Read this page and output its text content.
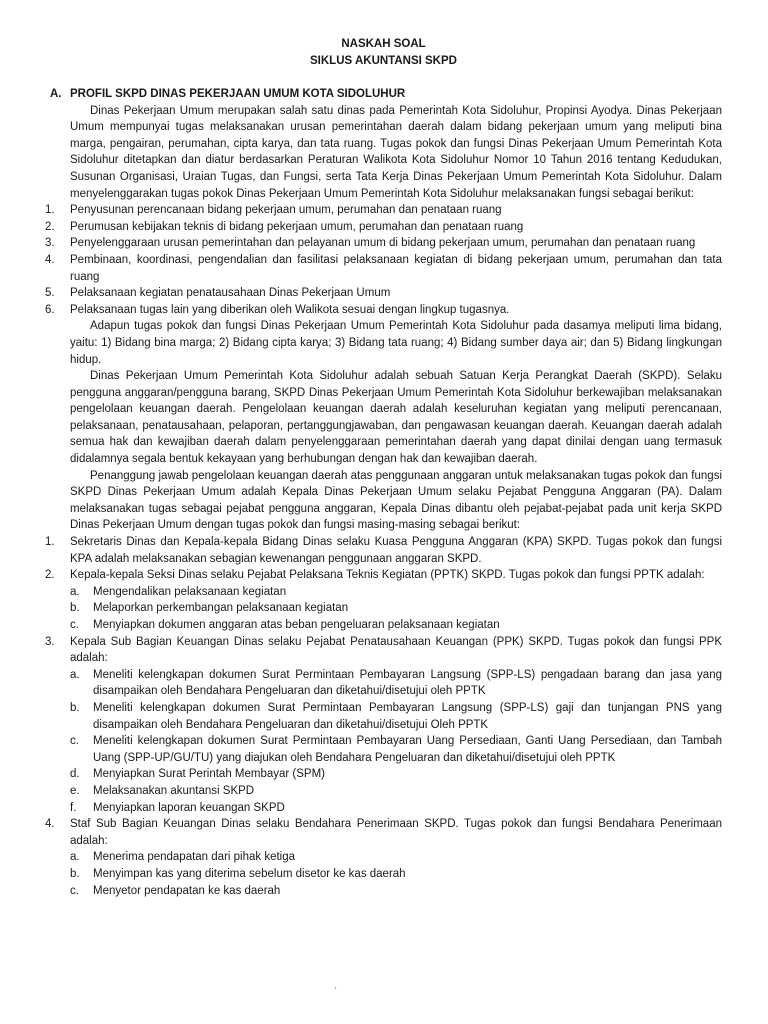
NASKAH SOAL
SIKLUS AKUNTANSI SKPD
A. PROFIL SKPD DINAS PEKERJAAN UMUM KOTA SIDOLUHUR

Dinas Pekerjaan Umum merupakan salah satu dinas pada Pemerintah Kota Sidoluhur, Propinsi Ayodya. Dinas Pekerjaan Umum mempunyai tugas melaksanakan urusan pemerintahan daerah dalam bidang pekerjaan umum yang meliputi bina marga, pengairan, perumahan, cipta karya, dan tata ruang. Tugas pokok dan fungsi Dinas Pekerjaan Umum Pemerintah Kota Sidoluhur ditetapkan dan diatur berdasarkan Peraturan Walikota Kota Sidoluhur Nomor 10 Tahun 2016 tentang Kedudukan, Susunan Organisasi, Uraian Tugas, dan Fungsi, serta Tata Kerja Dinas Pekerjaan Umum Pemerintah Kota Sidoluhur. Dalam menyelenggarakan tugas pokok Dinas Pekerjaan Umum Pemerintah Kota Sidoluhur melaksanakan fungsi sebagai berikut:

1.	Penyusunan perencanaan bidang pekerjaan umum, perumahan dan penataan ruang
2.	Perumusan kebijakan teknis di bidang pekerjaan umum, perumahan dan penataan ruang
3.	Penyelenggaraan urusan pemerintahan dan pelayanan umum di bidang pekerjaan umum, perumahan dan penataan ruang
4.	Pembinaan, koordinasi, pengendalian dan fasilitasi pelaksanaan kegiatan di bidang pekerjaan umum, perumahan dan tata ruang
5.	Pelaksanaan kegiatan penatausahaan Dinas Pekerjaan Umum
6.	Pelaksanaan tugas lain yang diberikan oleh Walikota sesuai dengan lingkup tugasnya.

Adapun tugas pokok dan fungsi Dinas Pekerjaan Umum Pemerintah Kota Sidoluhur pada dasamya meliputi lima bidang, yaitu: 1) Bidang bina marga; 2) Bidang cipta karya; 3) Bidang tata ruang; 4) Bidang sumber daya air; dan 5) Bidang lingkungan hidup.

Dinas Pekerjaan Umum Pemerintah Kota Sidoluhur adalah sebuah Satuan Kerja Perangkat Daerah (SKPD). Selaku pengguna anggaran/pengguna barang, SKPD Dinas Pekerjaan Umum Pemerintah Kota Sidoluhur berkewajiban melaksanakan pengelolaan keuangan daerah. Pengelolaan keuangan daerah adalah keseluruhan kegiatan yang meliputi perencanaan, pelaksanaan, penatausahaan, pelaporan, pertanggungjawaban, dan pengawasan keuangan daerah. Keuangan daerah adalah semua hak dan kewajiban daerah dalam penyelenggaraan pemerintahan daerah yang dapat dinilai dengan uang termasuk didalamnya segala bentuk kekayaan yang berhubungan dengan hak dan kewajiban daerah.

Penanggung jawab pengelolaan keuangan daerah atas penggunaan anggaran untuk melaksanakan tugas pokok dan fungsi SKPD Dinas Pekerjaan Umum adalah Kepala Dinas Pekerjaan Umum selaku Pejabat Pengguna Anggaran (PA). Dalam melaksanakan tugas sebagai pejabat pengguna anggaran, Kepala Dinas dibantu oleh pejabat-pejabat pada unit kerja SKPD Dinas Pekerjaan Umum dengan tugas pokok dan fungsi masing-masing sebagai berikut:

1.	Sekretaris Dinas dan Kepala-kepala Bidang Dinas selaku Kuasa Pengguna Anggaran (KPA) SKPD. Tugas pokok dan fungsi KPA adalah melaksanakan sebagian kewenangan penggunaan anggaran SKPD.
2.	Kepala-kepala Seksi Dinas selaku Pejabat Pelaksana Teknis Kegiatan (PPTK) SKPD. Tugas pokok dan fungsi PPTK adalah:
a.	Mengendalikan pelaksanaan kegiatan
b.	Melaporkan perkembangan pelaksanaan kegiatan
c.	Menyiapkan dokumen anggaran atas beban pengeluaran pelaksanaan kegiatan
3.	Kepala Sub Bagian Keuangan Dinas selaku Pejabat Penatausahaan Keuangan (PPK) SKPD. Tugas pokok dan fungsi PPK adalah:
a.	Meneliti kelengkapan dokumen Surat Permintaan Pembayaran Langsung (SPP-LS) pengadaan barang dan jasa yang disampaikan oleh Bendahara Pengeluaran dan diketahui/disetujui oleh PPTK
b.	Meneliti kelengkapan dokumen Surat Permintaan Pembayaran Langsung (SPP-LS) gaji dan tunjangan PNS yang disampaikan oleh Bendahara Pengeluaran dan diketahui/disetujui Oleh PPTK
c.	Meneliti kelengkapan dokumen Surat Permintaan Pembayaran Uang Persediaan, Ganti Uang Persediaan, dan Tambah Uang (SPP-UP/GU/TU) yang diajukan oleh Bendahara Pengeluaran dan diketahui/disetujui oleh PPTK
d.	Menyiapkan Surat Perintah Membayar (SPM)
e.	Melaksanakan akuntansi SKPD
f.	Menyiapkan laporan keuangan SKPD
4.	Staf Sub Bagian Keuangan Dinas selaku Bendahara Penerimaan SKPD. Tugas pokok dan fungsi Bendahara Penerimaan adalah:
a.	Menerima pendapatan dari pihak ketiga
b.	Menyimpan kas yang diterima sebelum disetor ke kas daerah
c.	Menyetor pendapatan ke kas daerah
'
